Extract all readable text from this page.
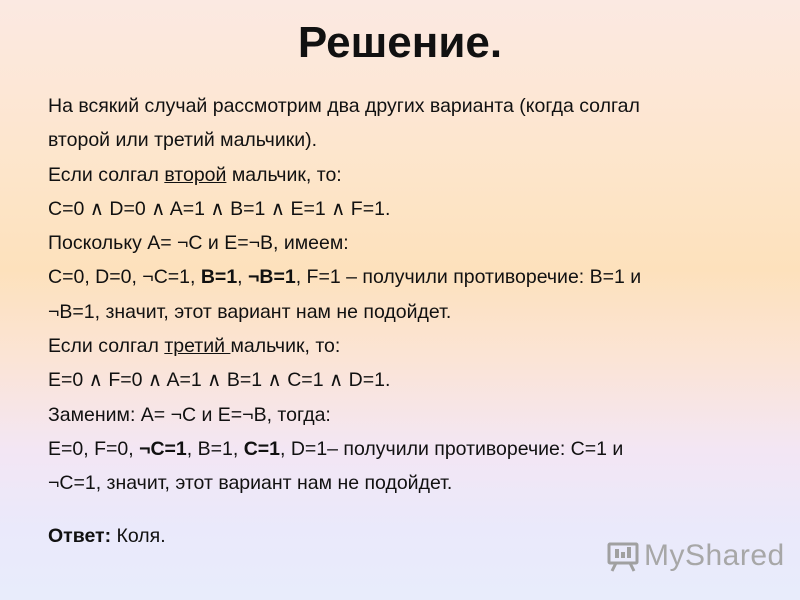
Решение.
На всякий случай рассмотрим два других варианта (когда солгал
второй или третий мальчики).
Если солгал второй мальчик, то:
С=0 ∧ D=0 ∧ A=1 ∧ B=1 ∧ E=1 ∧ F=1.
Поскольку A= ¬C и E=¬B, имеем:
C=0, D=0, ¬C=1, B=1, ¬B=1, F=1 – получили противоречие: B=1 и
¬B=1, значит, этот вариант нам не подойдет.
Если солгал третий мальчик, то:
E=0 ∧ F=0 ∧ A=1 ∧ B=1 ∧ C=1 ∧ D=1.
Заменим: A= ¬C и E=¬B, тогда:
E=0, F=0, ¬C=1, B=1, C=1, D=1– получили противоречие: C=1 и
¬C=1, значит, этот вариант нам не подойдет.
Ответ: Коля.
MyShared
